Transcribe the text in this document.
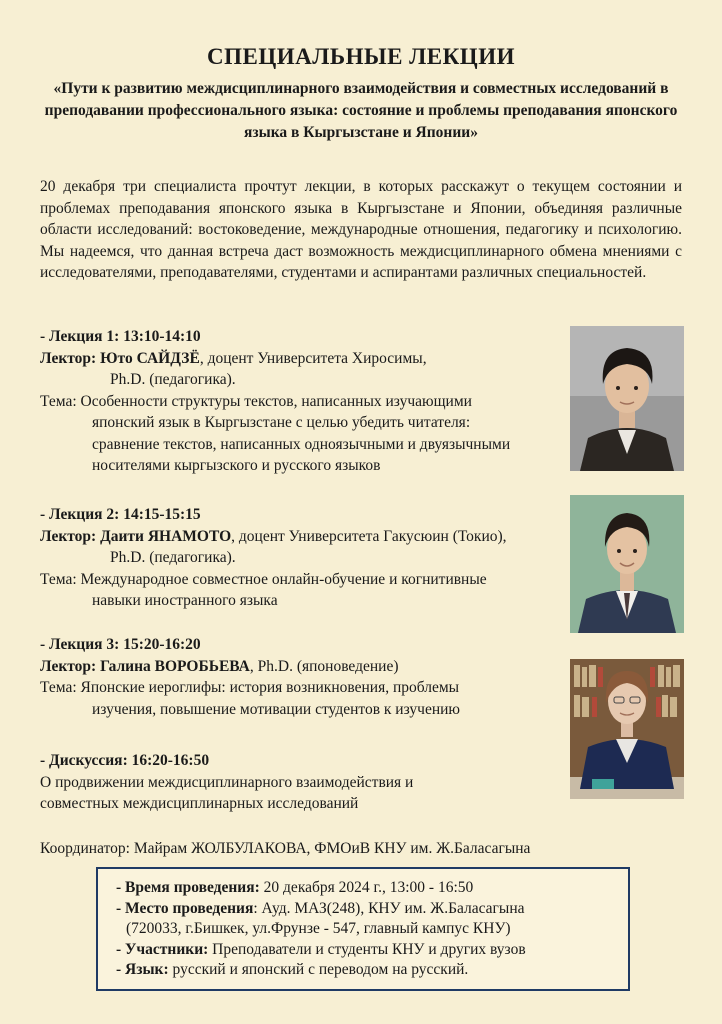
СПЕЦИАЛЬНЫЕ ЛЕКЦИИ
«Пути к развитию междисциплинарного взаимодействия и совместных исследований в преподавании профессионального языка: состояние и проблемы преподавания японского языка в Кыргызстане и Японии»
20 декабря три специалиста прочтут лекции, в которых расскажут о текущем состоянии и проблемах преподавания японского языка в Кыргызстане и Японии, объединяя различные области исследований: востоковедение, международные отношения, педагогику и психологию. Мы надеемся, что данная встреча даст возможность междисциплинарного обмена мнениями с исследователями, преподавателями, студентами и аспирантами различных специальностей.
- Лекция 1: 13:10-14:10
Лектор: Юто САЙДЗЁ, доцент Университета Хиросимы,
Ph.D. (педагогика).
Тема: Особенности структуры текстов, написанных изучающими
японский язык в Кыргызстане с целью убедить читателя:
сравнение текстов, написанных одноязычными и двуязычными
носителями кыргызского и русского языков
- Лекция 2: 14:15-15:15
Лектор: Даити ЯНАМОТО, доцент Университета Гакусюин (Токио),
Ph.D. (педагогика).
Тема: Международное совместное онлайн-обучение и когнитивные
навыки иностранного языка
- Лекция 3: 15:20-16:20
Лектор: Галина ВОРОБЬЕВА, Ph.D. (японоведение)
Тема: Японские иероглифы: история возникновения, проблемы
изучения, повышение мотивации студентов к изучению
- Дискуссия: 16:20-16:50
О продвижении междисциплинарного взаимодействия и
совместных междисциплинарных исследований
Координатор: Майрам ЖОЛБУЛАКОВА, ФМОиВ КНУ им. Ж.Баласагына
- Время проведения: 20 декабря 2024 г., 13:00 - 16:50
- Место проведения: Ауд. МАЗ(248), КНУ им. Ж.Баласагына
(720033, г.Бишкек, ул.Фрунзе - 547, главный кампус КНУ)
- Участники: Преподаватели и студенты КНУ и других вузов
- Язык: русский и японский с переводом на русский.
